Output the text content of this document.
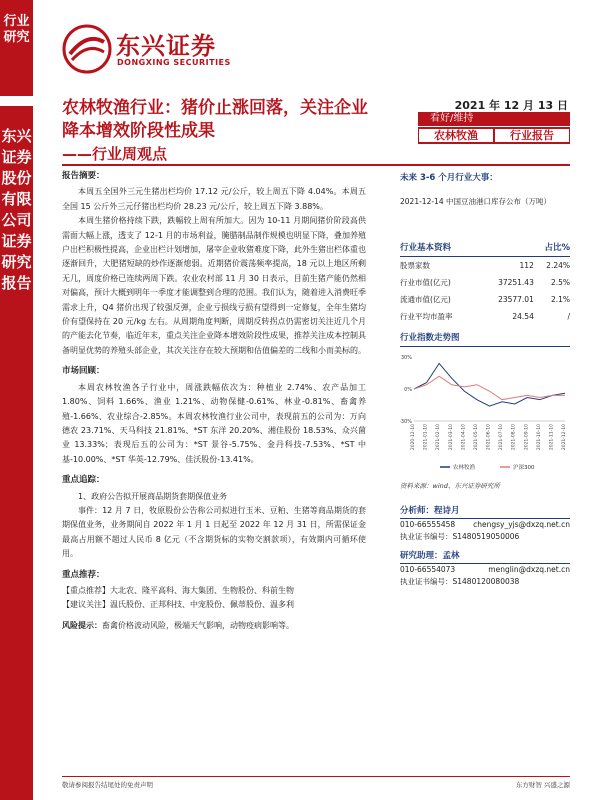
行业研究
东兴证券股份有限公司证券研究报告
东兴证券
DONGXING SECURITIES
农林牧渔行业：猪价止涨回落，关注企业降本增效阶段性成果
——行业周观点
2021 年 12 月 13 日
看好/维持
农林牧渔	行业报告
报告摘要：

本周五全国外三元生猪出栏均价 17.12 元/公斤，较上周五下降 4.04%。本周五全国 15 公斤外三元仔猪出栏均价 28.23 元/公斤，较上周五下降 3.88%。

本周生猪价格持续下跌，跌幅较上周有所加大。因为 10-11 月期间猪价阶段高供需面大幅上涨，透支了 12-1 月的市场利益，腌腊制品制作规模也明显下降，叠加养殖户出栏积极性提高，企业出栏计划增加，屠宰企业收猪难度下降，此外生猪出栏体重也逐渐回升，大肥猪短缺的炒作逐渐熄弱。近期猪价震荡频率提高，18 元以上地区所剩无几，周度价格已连续两周下跌。农业农村部 11 月 30 日表示，目前生猪产能仍然相对偏高，预计大概到明年一季度才能调整到合理的范围。我们认为，随着进入消费旺季需求上升，Q4 猪价出现了较强反弹，企业亏损线亏损有望得到一定修复，全年生猪均价有望保持在 20 元/kg 左右。从周期角度判断，周期反转拐点仍需密切关注近几个月的产能去化节奏，临近年末，重点关注企业降本增效阶段性成果，推荐关注成本控制具备明显优势的养殖头部企业，其次关注存在较大预期和估值偏差的二线和小而美标的。

市场回顾：

本周农林牧渔各子行业中，周涨跌幅依次为：种植业 2.74%、农产品加工 1.80%、饲料 1.66%、渔业 1.21%、动物保健-0.61%、林业-0.81%、畜禽养殖-1.66%、农业综合-2.85%。本周农林牧渔行业公司中，表现前五的公司为：万向德农 23.71%、天马科技 21.81%、*ST 东洋 20.20%、湘佳股份 18.53%、众兴菌业 13.33%；表现后五的公司为：*ST 景谷-5.75%、金丹科技-7.53%、*ST 中基-10.00%、*ST 华英-12.79%、佳沃股份-13.41%。

重点追踪：

1、政府公告拟开展商品期货套期保值业务

事件：12 月 7 日，牧原股份公告称公司拟进行玉米、豆粕、生猪等商品期货的套期保值业务，业务期间自 2022 年 1 月 1 日起至 2022 年 12 月 31 日，所需保证金最高占用额不超过人民币 8 亿元（不含期货标的实物交割款项），有效期内可循环使用。

重点推荐：

【重点推荐】大北农、隆平高科、海大集团、生物股份、科前生物

【建议关注】温氏股份、正邦科技、中宠股份、佩蒂股份、温多利

风险提示：畜禽价格波动风险，极端天气影响，动物疫病影响等。

未来 3-6 个月行业大事：
2021-12-14 中国豆油港口库存公布（万吨）
行业基本资料	占比%
股票家数	112	2.24%
行业市值(亿元)	37251.43	2.5%
流通市值(亿元)	23577.01	2.1%
行业平均市盈率	24.54	/
行业指数走势图
-30%
0%
30%
2020-12-10 2021-01-10 2021-02-10 2021-03-10 2021-04-10 2021-05-10 2021-06-10 2021-07-10 2021-08-10 2021-09-10 2021-10-10 2021-11-10 2021-12-10
农林牧渔	沪深300
资料来源：wind、东兴证券研究所
分析师：程诗月
010-66555458 chengsy_yjs@dxzq.net.cn
执业证书编号：S1480519050006
研究助理：孟林
010-66554073	menglin@dxzq.net.cn
执业证书编号：S1480120080038
敬请参阅报告结尾处的免责声明	东方财智 兴盛之源
